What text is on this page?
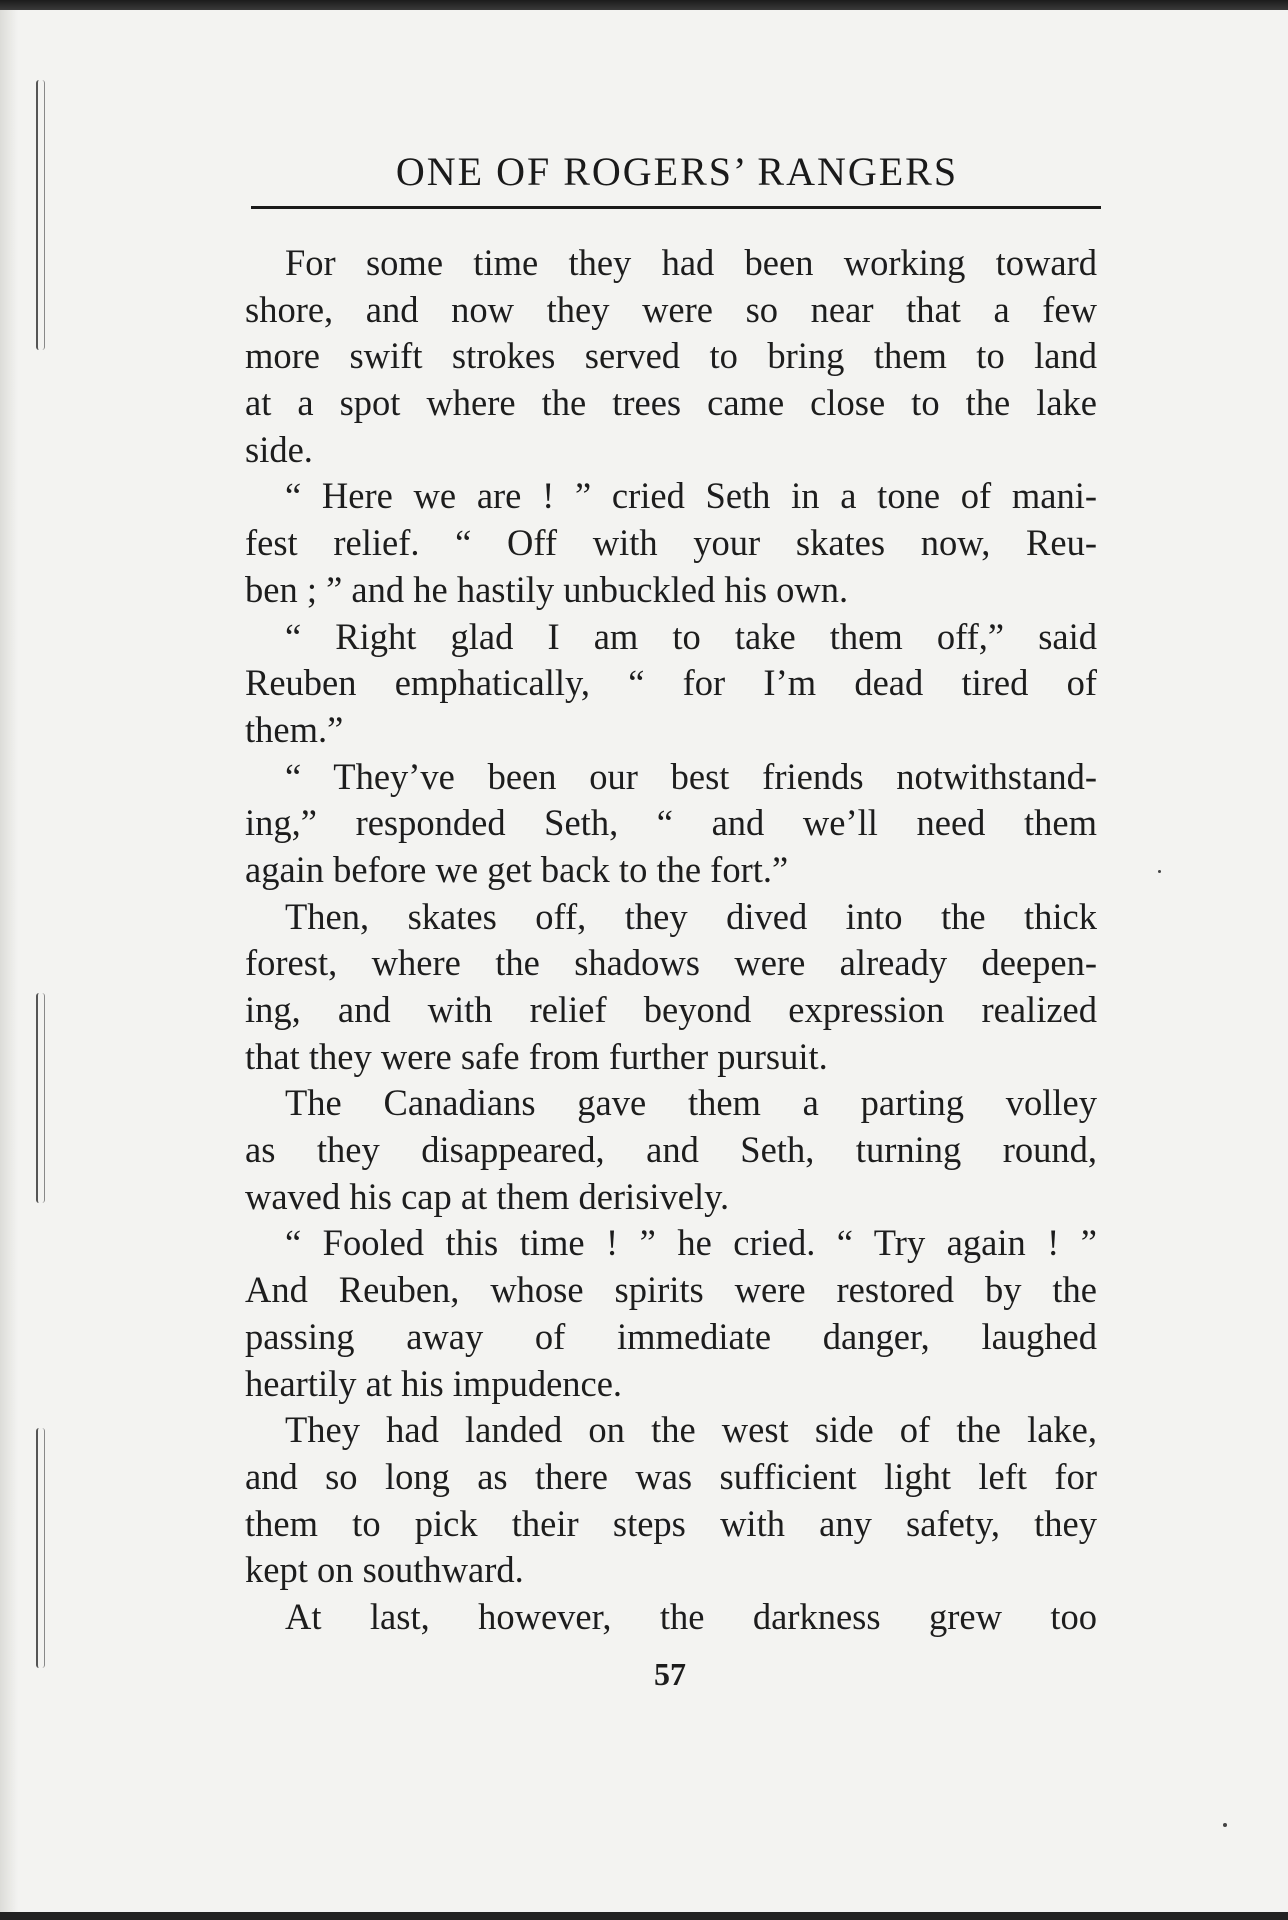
ONE OF ROGERS’ RANGERS
For some time they had been working toward
shore, and now they were so near that a few
more swift strokes served to bring them to land
at a spot where the trees came close to the lake
side.
“ Here we are ! ” cried Seth in a tone of mani-
fest relief. “ Off with your skates now, Reu-
ben ; ” and he hastily unbuckled his own.
“ Right glad I am to take them off,” said
Reuben emphatically, “ for I’m dead tired of
them.”
“ They’ve been our best friends notwithstand-
ing,” responded Seth, “ and we’ll need them
again before we get back to the fort.”
Then, skates off, they dived into the thick
forest, where the shadows were already deepen-
ing, and with relief beyond expression realized
that they were safe from further pursuit.
The Canadians gave them a parting volley
as they disappeared, and Seth, turning round,
waved his cap at them derisively.
“ Fooled this time ! ” he cried. “ Try again ! ”
And Reuben, whose spirits were restored by the
passing away of immediate danger, laughed
heartily at his impudence.
They had landed on the west side of the lake,
and so long as there was sufficient light left for
them to pick their steps with any safety, they
kept on southward.
At last, however, the darkness grew too
57
